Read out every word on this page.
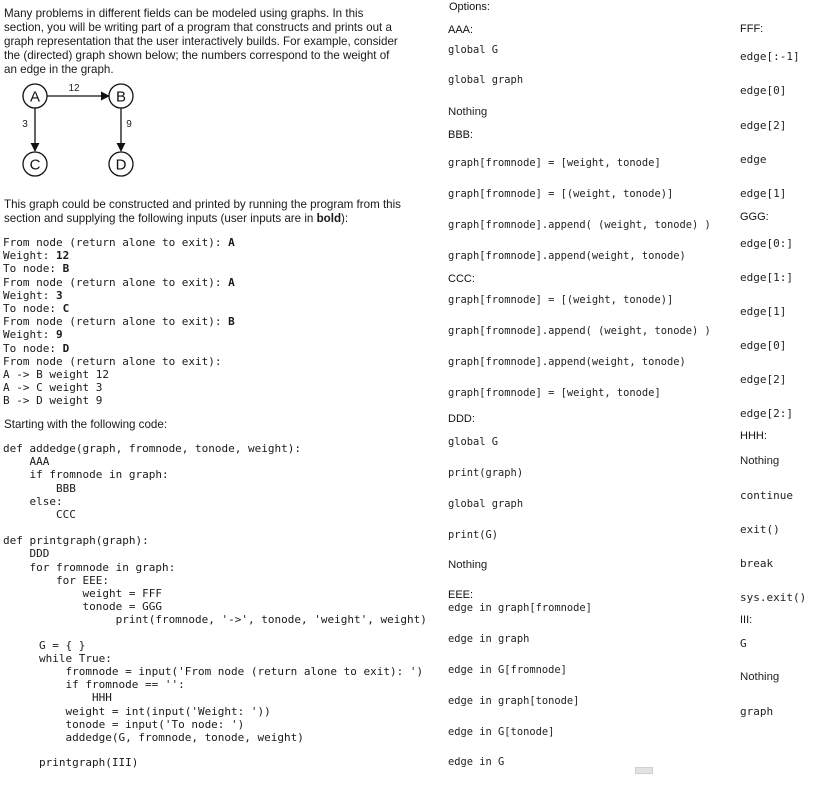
Many problems in different fields can be modeled using graphs. In this section, you will be writing part of a program that constructs and prints out a graph representation that the user interactively builds. For example, consider the (directed) graph shown below; the numbers correspond to the weight of an edge in the graph.
12
3	9
A	B
C	D
This graph could be constructed and printed by running the program from this section and supplying the following inputs (user inputs are in bold):
From node (return alone to exit): A
Weight: 12
To node: B
From node (return alone to exit): A
Weight: 3
To node: C
From node (return alone to exit): B
Weight: 9
To node: D
From node (return alone to exit):
A -> B weight 12
A -> C weight 3
B -> D weight 9
Starting with the following code:
def addedge(graph, fromnode, tonode, weight):
AAA
if fromnode in graph:
BBB
else:
CCC
def printgraph(graph):
DDD
for fromnode in graph:
for EEE:
weight = FFF
tonode = GGG
print(fromnode, '->', tonode, 'weight', weight)
G = { }
while True:
fromnode = input('From node (return alone to exit): ')
if fromnode == '':
HHH
weight = int(input('Weight: '))
tonode = input('To node: ')
addedge(G, fromnode, tonode, weight)
printgraph(III)
Options:
AAA:
global G
global graph
Nothing
BBB:
graph[fromnode] = [weight, tonode]
graph[fromnode] = [(weight, tonode)]
graph[fromnode].append( (weight, tonode) )
graph[fromnode].append(weight, tonode)
CCC:
graph[fromnode] = [(weight, tonode)]
graph[fromnode].append( (weight, tonode) )
graph[fromnode].append(weight, tonode)
graph[fromnode] = [weight, tonode]
DDD:
global G
print(graph)
global graph
print(G)
Nothing
EEE:
edge in graph[fromnode]
edge in graph
edge in G[fromnode]
edge in graph[tonode]
edge in G[tonode]
edge in G
FFF:
edge[:-1]
edge[0]
edge[2]
edge
edge[1]
GGG:
edge[0:]
edge[1:]
edge[1]
edge[0]
edge[2]
edge[2:]
HHH:
Nothing
continue
exit()
break
sys.exit()
III:
G
Nothing
graph
